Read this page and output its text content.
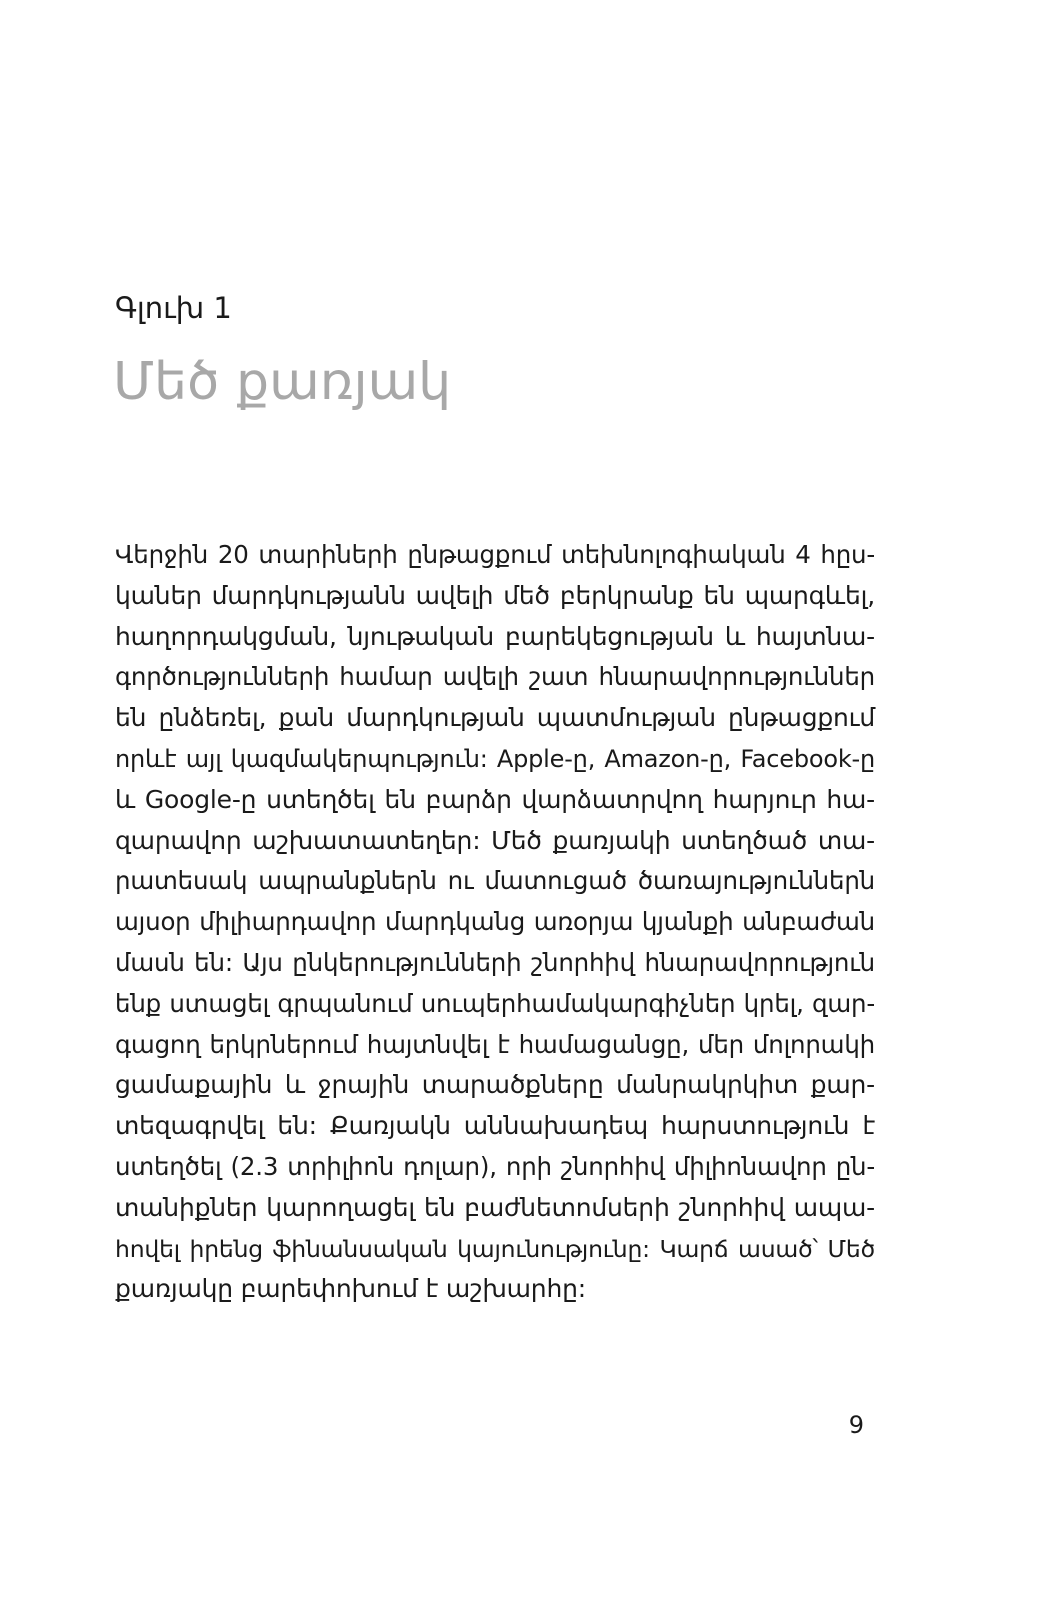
Գլուխ 1
Մեծ քառյակ
Վերջին 20 տարիների ընթացքում տեխնոլոգիական 4 հըս-
կաներ մարդկությանն ավելի մեծ բերկրանք են պարգևել,
հաղորդակցման, նյութական բարեկեցության և հայտնա-
գործությունների համար ավելի շատ հնարավորություններ
են ընձեռել, քան մարդկության պատմության ընթացքում
որևէ այլ կազմակերպություն: Apple-ը, Amazon-ը, Facebook-ը
և Google-ը ստեղծել են բարձր վարձատրվող հարյուր հա-
զարավոր աշխատատեղեր: Մեծ քառյակի ստեղծած տա-
րատեսակ ապրանքներն ու մատուցած ծառայություններն
այսօր միլիարդավոր մարդկանց առօրյա կյանքի անբաժան
մասն են: Այս ընկերությունների շնորհիվ հնարավորություն
ենք ստացել գրպանում սուպերհամակարգիչներ կրել, զար-
գացող երկրներում հայտնվել է համացանցը, մեր մոլորակի
ցամաքային և ջրային տարածքները մանրակրկիտ քար-
տեզագրվել են: Քառյակն աննախադեպ հարստություն է
ստեղծել (2.3 տրիլիոն դոլար), որի շնորհիվ միլիոնավոր ըն-
տանիքներ կարողացել են բաժնետոմսերի շնորհիվ ապա-
հովել իրենց ֆինանսական կայունությունը: Կարճ ասած՝ Մեծ
քառյակը բարեփոխում է աշխարհը:
9
